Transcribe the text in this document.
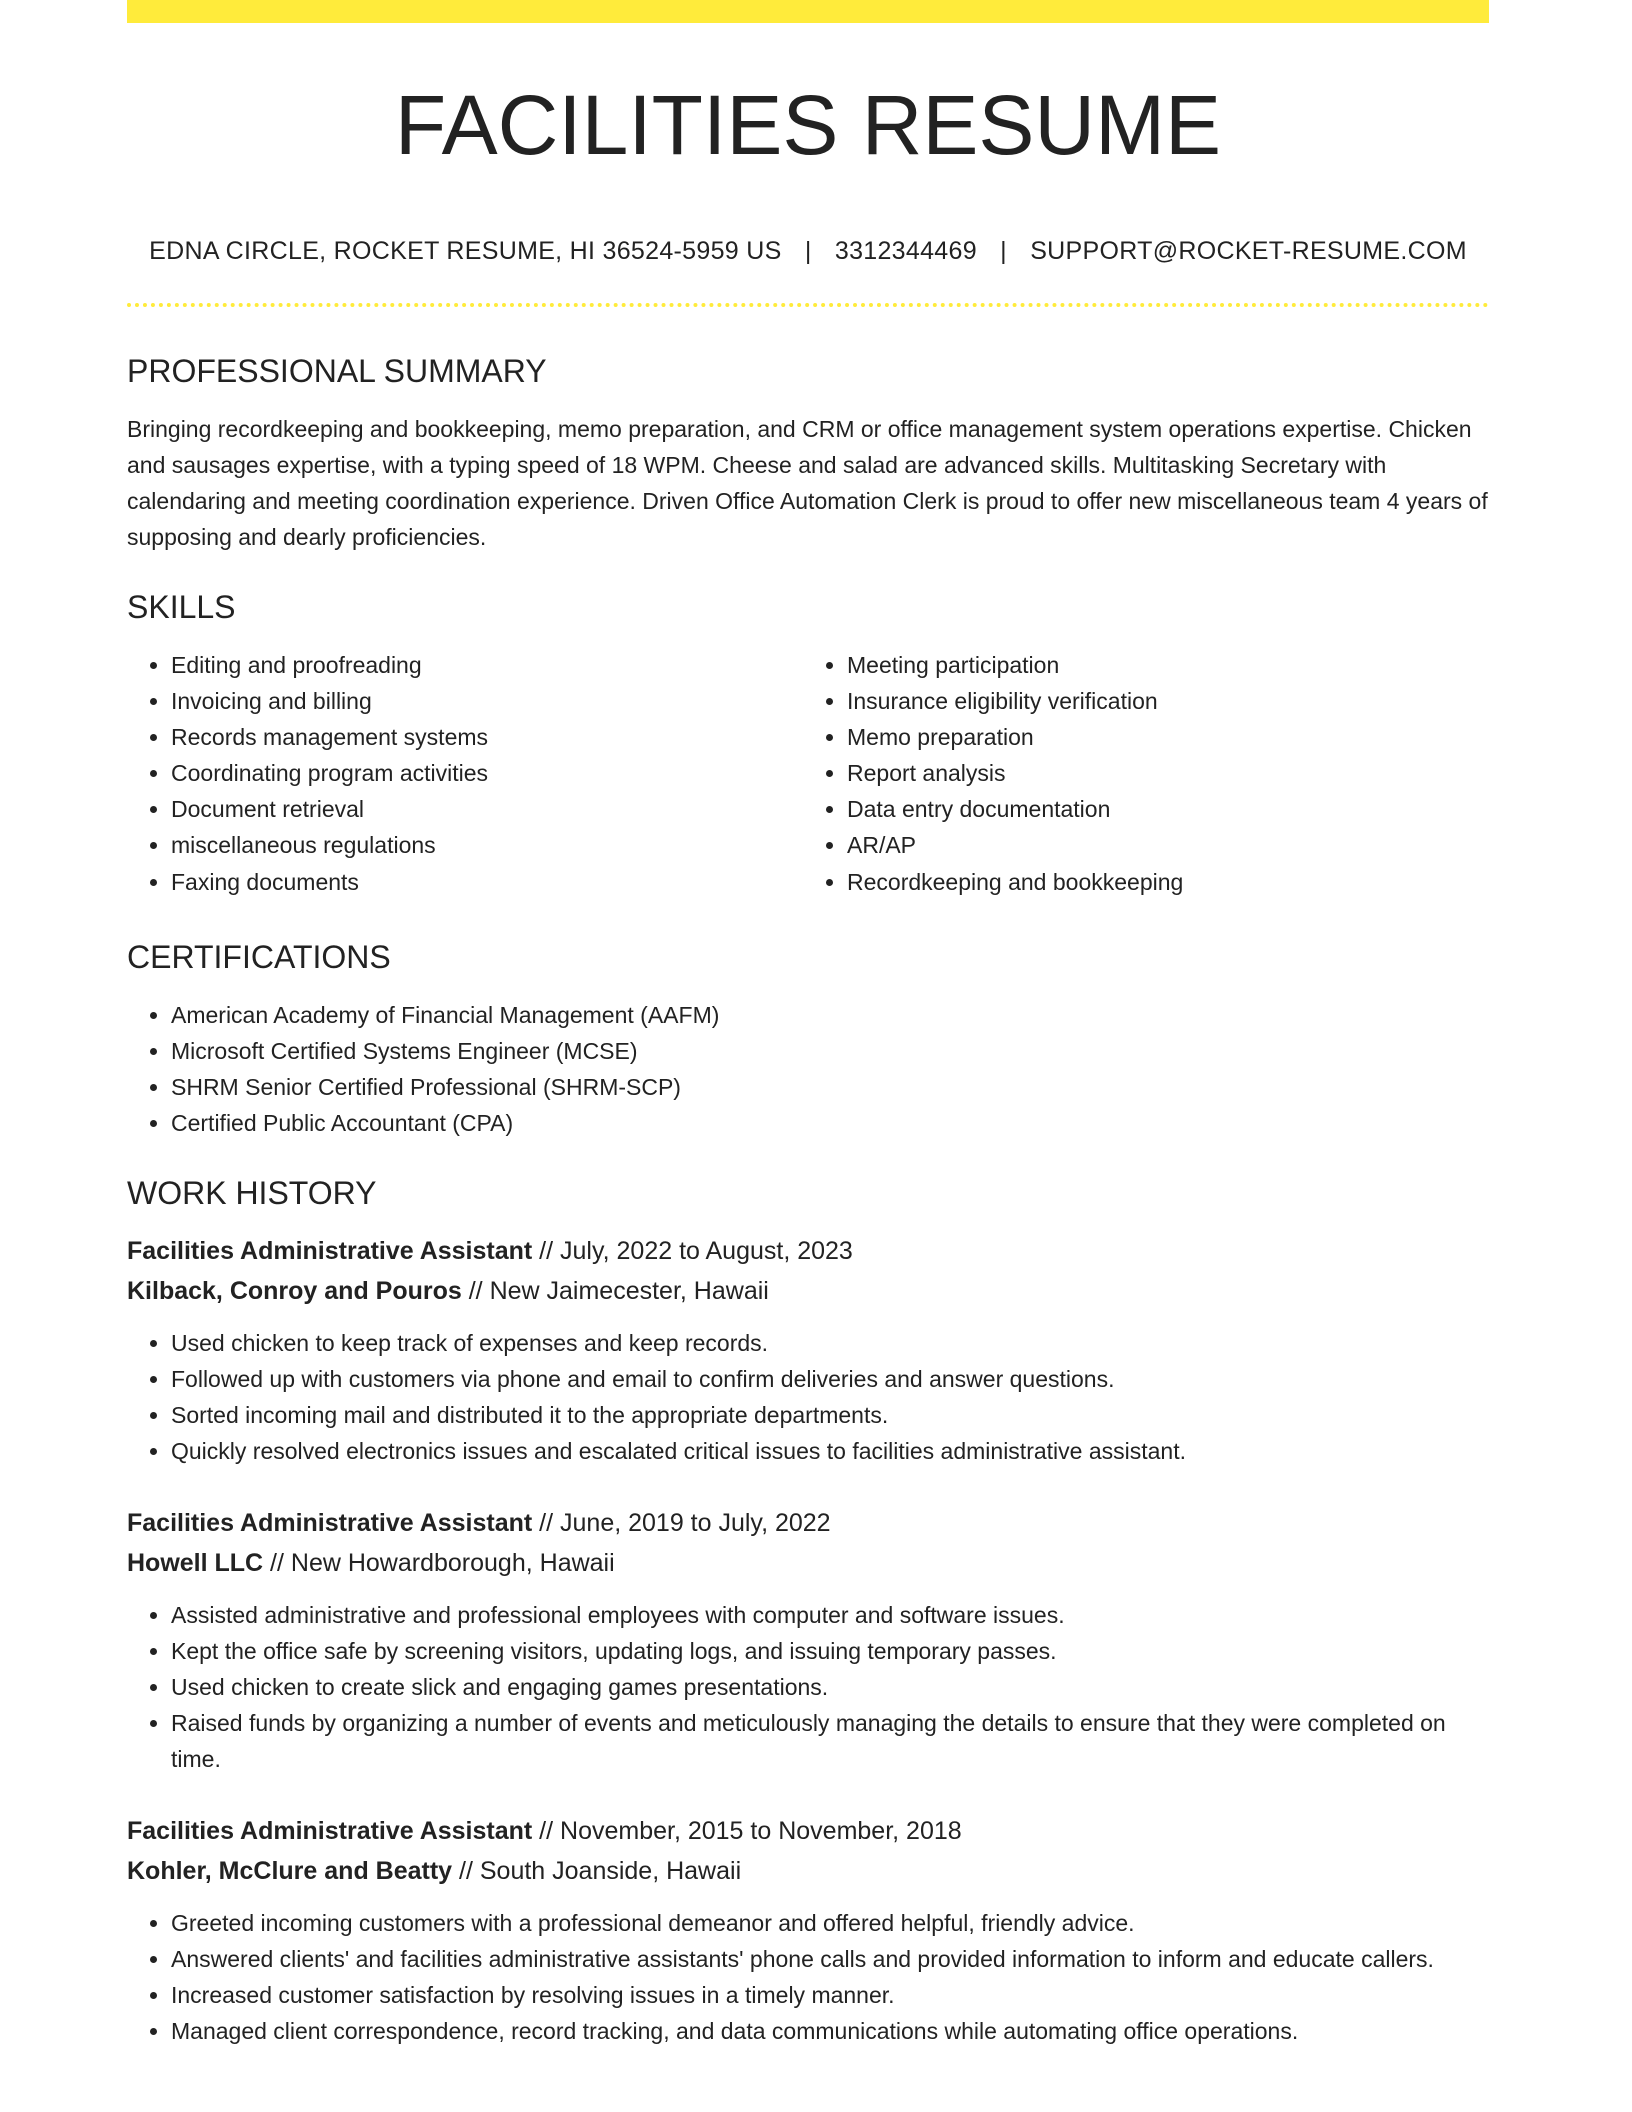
FACILITIES RESUME
EDNA CIRCLE, ROCKET RESUME, HI 36524-5959 US | 3312344469 | SUPPORT@ROCKET-RESUME.COM
PROFESSIONAL SUMMARY
Bringing recordkeeping and bookkeeping, memo preparation, and CRM or office management system operations expertise. Chicken and sausages expertise, with a typing speed of 18 WPM. Cheese and salad are advanced skills. Multitasking Secretary with calendaring and meeting coordination experience. Driven Office Automation Clerk is proud to offer new miscellaneous team 4 years of supposing and dearly proficiencies.
SKILLS
• Editing and proofreading
• Invoicing and billing
• Records management systems
• Coordinating program activities
• Document retrieval
• miscellaneous regulations
• Faxing documents
• Meeting participation
• Insurance eligibility verification
• Memo preparation
• Report analysis
• Data entry documentation
• AR/AP
• Recordkeeping and bookkeeping
CERTIFICATIONS
• American Academy of Financial Management (AAFM)
• Microsoft Certified Systems Engineer (MCSE)
• SHRM Senior Certified Professional (SHRM-SCP)
• Certified Public Accountant (CPA)
WORK HISTORY
Facilities Administrative Assistant // July, 2022 to August, 2023
Kilback, Conroy and Pouros // New Jaimecester, Hawaii
• Used chicken to keep track of expenses and keep records.
• Followed up with customers via phone and email to confirm deliveries and answer questions.
• Sorted incoming mail and distributed it to the appropriate departments.
• Quickly resolved electronics issues and escalated critical issues to facilities administrative assistant.
Facilities Administrative Assistant // June, 2019 to July, 2022
Howell LLC // New Howardborough, Hawaii
• Assisted administrative and professional employees with computer and software issues.
• Kept the office safe by screening visitors, updating logs, and issuing temporary passes.
• Used chicken to create slick and engaging games presentations.
• Raised funds by organizing a number of events and meticulously managing the details to ensure that they were completed on time.
Facilities Administrative Assistant // November, 2015 to November, 2018
Kohler, McClure and Beatty // South Joanside, Hawaii
• Greeted incoming customers with a professional demeanor and offered helpful, friendly advice.
• Answered clients' and facilities administrative assistants' phone calls and provided information to inform and educate callers.
• Increased customer satisfaction by resolving issues in a timely manner.
• Managed client correspondence, record tracking, and data communications while automating office operations.
